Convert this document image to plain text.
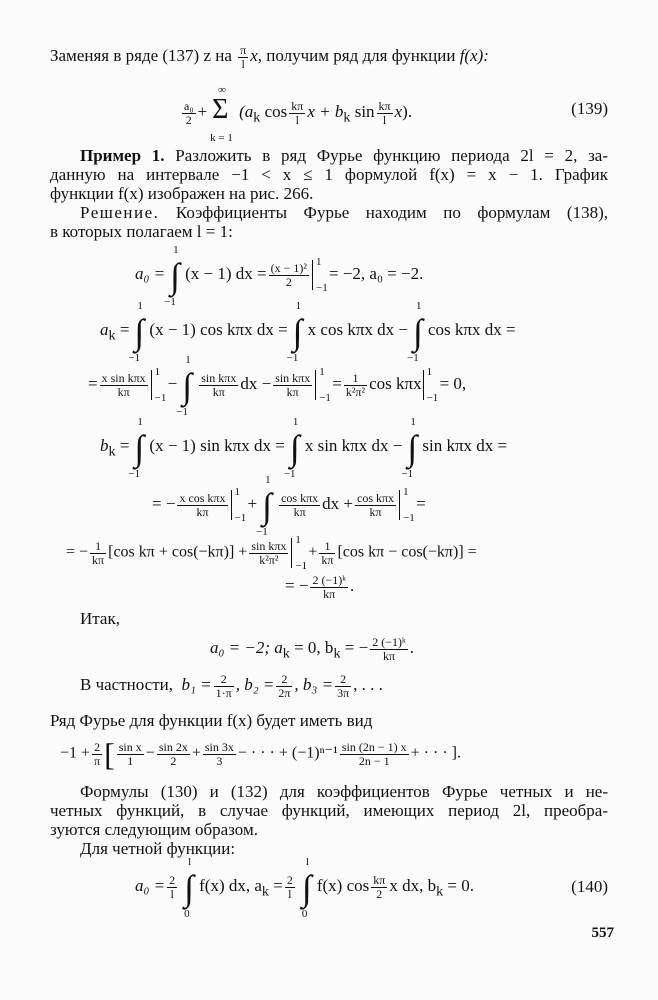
Заменяя в ряде (137) z на $\frac{\pi}{l} x$, получим ряд для функции f(x):
$\frac{\text{a₀}}{2}$ +
∞
Σ
k = 1
($a_k$ $\cos \frac{k\pi}{l}$ $x + b_k$ $\sin \frac{k\pi}{l} x$).	(139)
Пример 1. Разложить в ряд Фурье функцию периода 2l = 2, за-
данную на интервале −1 < x ≤ 1 формулой f(x) = x − 1. График
функции f(x) изображен на рис. 266.
Решение. Коэффициенты Фурье находим по формулам (138),
в которых полагаем l = 1:
a₀ =
1
∫
−1
(x − 1) dx = $\frac{\text{(x − 1)²}}{2} 1$
−1
= −2, a₀ = −2.
$a_k$ =
1
∫
−1
(x − 1) cos kπx dx =
1
∫
−1
x cos kπx dx −
1
∫
−1
cos kπx dx =
= x sin kπx
kπ
1
−1
−
1
∫
−1
sin kπx
kπ dx − sin kπx
kπ
1
−1
= $\frac{1}{\text{k²π²}}$ cos kπx
1
−1
= 0,
$b_k$ =
1
∫
−1
(x − 1) sin kπx dx =
1
∫
−1
x sin kπx dx −
1
∫
−1
sin kπx dx =
= − x cos kπx
kπ
1
−1
+
1
∫
−1
cos kπx
kπ dx + cos kπx
kπ
1
−1
=
= − $\frac{1}{k\pi} [\cos$ kπ + cos(−kπ)] + sin kπx
k²π²
1
−1
+ $\frac{1}{k\pi} [\cos$ kπ − cos(−kπ)] =
= − $\frac{\text{2 (−1)ᵏ}}{k\pi}$ .
Итак,
a₀ = −2; $a_k = 0$, $b_k$ = − $\frac{\text{2 (−1)ᵏ}}{k\pi}$ .
В частности, $b_1 = \frac{2}{1\cdot\pi}$ , $b_2 = \frac{2}{2\pi}$ , $b_3 = \frac{2}{3\pi}$ , . . .
Ряд Фурье для функции f(x) будет иметь вид
$-1 + \frac{2}{\pi}$ [ $\frac{\text{sin x}}{1} - \frac{\sin 2x}{2} + \frac{\sin 3x}{3}$ − · · · + $(-1)^{n-1} \frac{\sin (2n - 1) x}{2n - 1}$ + · · · ].
Формулы (130) и (132) для коэффициентов Фурье четных и не-
четных функций, в случае функций, имеющих период 2l, преобра-
зуются следующим образом.
Для четной функции:
$a_0 = \frac{2}{l}$
l
∫
0
f(x) dx, $a_k = \frac{2}{l}$
l
∫
0
f(x) $\cos \frac{k\pi}{2}$ x dx, $b_k = 0$.	(140)
557
